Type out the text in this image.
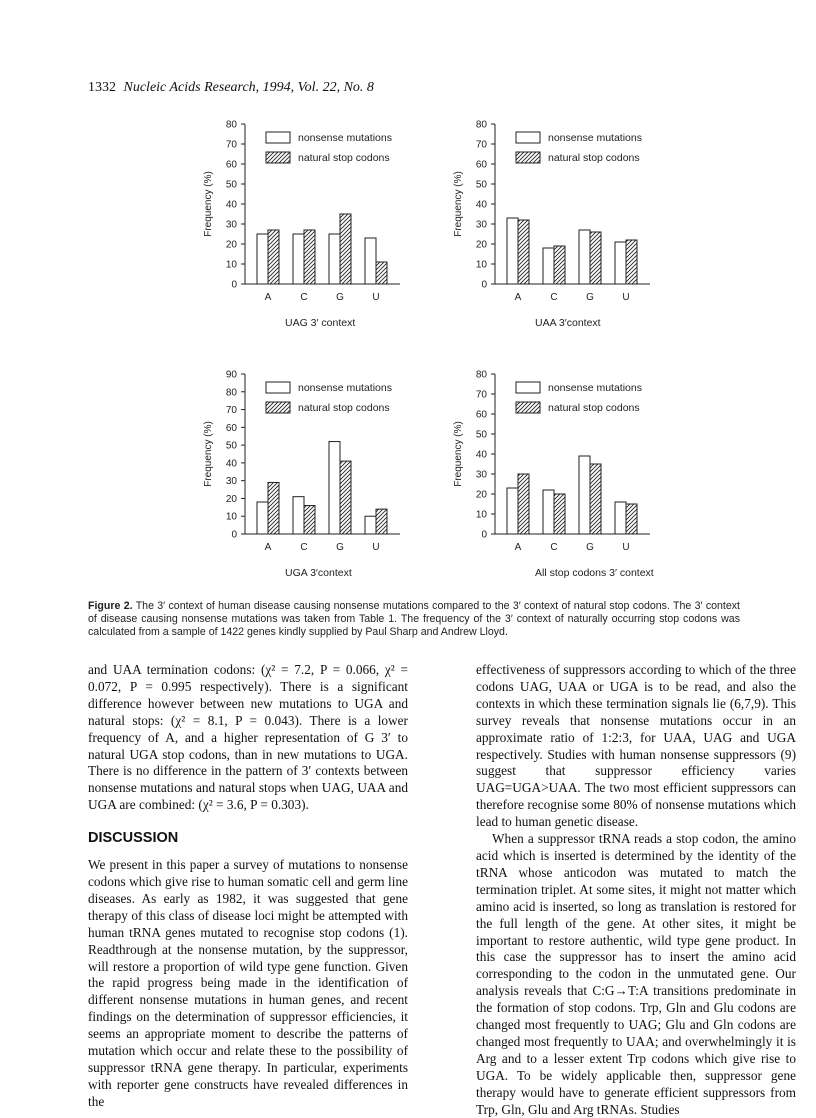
1332 Nucleic Acids Research, 1994, Vol. 22, No. 8
0
10
20
30
40
50
60
70
80
Frequency (%)
A	C	G	U
nonsense mutations
natural stop codons
UAG 3′ context
0
10
20
30
40
50
60
70
80
Frequency (%)
A	C	G	U
nonsense mutations
natural stop codons
UAA 3′context
0
10
20
30
40
50
60
70
80
90
Frequency (%)
A	C	G	U
nonsense mutations
natural stop codons
UGA 3′context
0
10
20
30
40
50
60
70
80
Frequency (%)
A	C	G	U
nonsense mutations
natural stop codons
All stop codons 3′ context
Figure 2. The 3′ context of human disease causing nonsense mutations compared to the 3′ context of natural stop codons. The 3′ context of disease causing nonsense mutations was taken from Table 1. The frequency of the 3′ context of naturally occurring stop codons was calculated from a sample of 1422 genes kindly supplied by Paul Sharp and Andrew Lloyd.

and UAA termination codons: (χ² = 7.2, P = 0.066, χ² = 0.072, P = 0.995 respectively). There is a significant difference however between new mutations to UGA and natural stops: (χ² = 8.1, P = 0.043). There is a lower frequency of A, and a higher representation of G 3′ to natural UGA stop codons, than in new mutations to UGA. There is no difference in the pattern of 3′ contexts between nonsense mutations and natural stops when UAG, UAA and UGA are combined: (χ² = 3.6, P = 0.303).

DISCUSSION

We present in this paper a survey of mutations to nonsense codons which give rise to human somatic cell and germ line diseases. As early as 1982, it was suggested that gene therapy of this class of disease loci might be attempted with human tRNA genes mutated to recognise stop codons (1). Readthrough at the nonsense mutation, by the suppressor, will restore a proportion of wild type gene function. Given the rapid progress being made in the identification of different nonsense mutations in human genes, and recent findings on the determination of suppressor efficiencies, it seems an appropriate moment to describe the patterns of mutation which occur and relate these to the possibility of suppressor tRNA gene therapy. In particular, experiments with reporter gene constructs have revealed differences in the

effectiveness of suppressors according to which of the three codons UAG, UAA or UGA is to be read, and also the contexts in which these termination signals lie (6,7,9). This survey reveals that nonsense mutations occur in an approximate ratio of 1:2:3, for UAA, UAG and UGA respectively. Studies with human nonsense suppressors (9) suggest that suppressor efficiency varies UAG=UGA>UAA. The two most efficient suppressors can therefore recognise some 80% of nonsense mutations which lead to human genetic disease.

When a suppressor tRNA reads a stop codon, the amino acid which is inserted is determined by the identity of the tRNA whose anticodon was mutated to match the termination triplet. At some sites, it might not matter which amino acid is inserted, so long as translation is restored for the full length of the gene. At other sites, it might be important to restore authentic, wild type gene product. In this case the suppressor has to insert the amino acid corresponding to the codon in the unmutated gene. Our analysis reveals that C:G→T:A transitions predominate in the formation of stop codons. Trp, Gln and Glu codons are changed most frequently to UAG; Glu and Gln codons are changed most frequently to UAA; and overwhelmingly it is Arg and to a lesser extent Trp codons which give rise to UGA. To be widely applicable then, suppressor gene therapy would have to generate efficient suppressors from Trp, Gln, Glu and Arg tRNAs. Studies
